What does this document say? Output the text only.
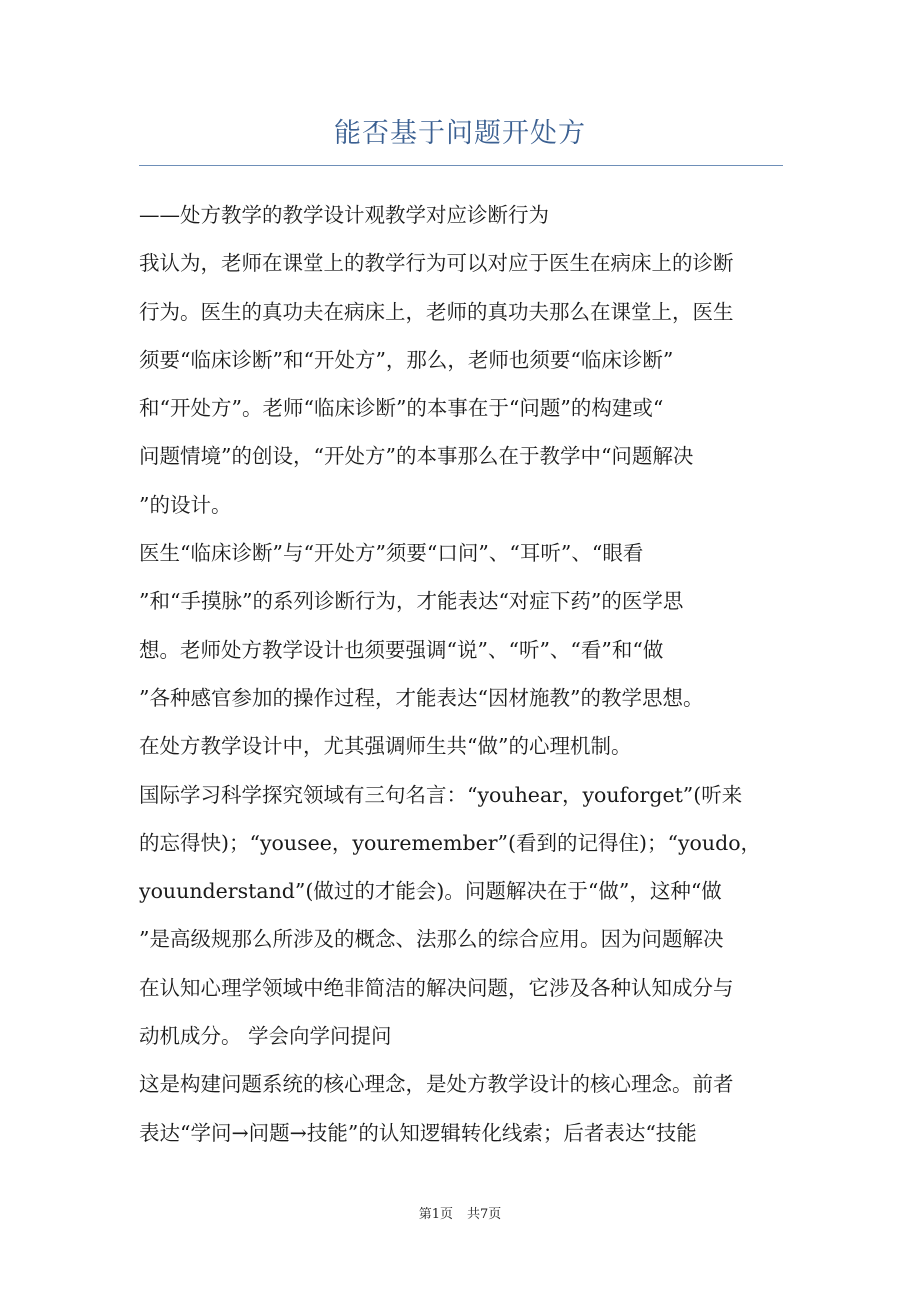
能否基于问题开处方
——处方教学的教学设计观教学对应诊断行为
我认为，老师在课堂上的教学行为可以对应于医生在病床上的诊断
行为。医生的真功夫在病床上，老师的真功夫那么在课堂上，医生
须要“临床诊断”和“开处方”，那么，老师也须要“临床诊断”
和“开处方”。老师“临床诊断”的本事在于“问题”的构建或“
问题情境”的创设，“开处方”的本事那么在于教学中“问题解决
”的设计。
医生“临床诊断”与“开处方”须要“口问”、“耳听”、“眼看
”和“手摸脉”的系列诊断行为，才能表达“对症下药”的医学思
想。老师处方教学设计也须要强调“说”、“听”、“看”和“做
”各种感官参加的操作过程，才能表达“因材施教”的教学思想。
在处方教学设计中，尤其强调师生共“做”的心理机制。
国际学习科学探究领域有三句名言：“youhear，youforget”(听来
的忘得快)；“yousee，youremember”(看到的记得住)；“youdo，
youunderstand”(做过的才能会)。问题解决在于“做”，这种“做
”是高级规那么所涉及的概念、法那么的综合应用。因为问题解决
在认知心理学领域中绝非简洁的解决问题，它涉及各种认知成分与
动机成分。 学会向学问提问
这是构建问题系统的核心理念，是处方教学设计的核心理念。前者
表达“学问→问题→技能”的认知逻辑转化线索；后者表达“技能
第1页 共7页
